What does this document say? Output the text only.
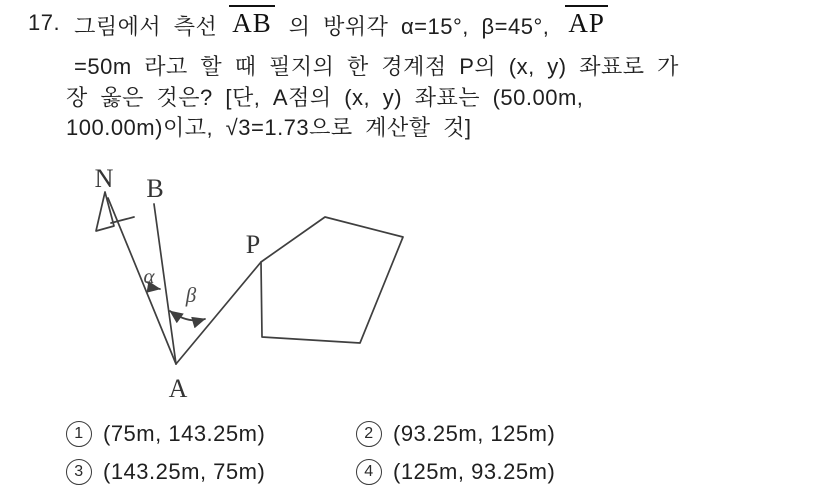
17. 그림에서 측선 AB 의 방위각 α=15°, β=45°, AP
=50m 라고 할 때 필지의 한 경계점 P의 (x, y) 좌표로 가
장 옳은 것은? [단, A점의 (x, y) 좌표는 (50.00m,
100.00m)이고, √3=1.73으로 계산할 것]
N B
P
A
α
β
1 (75m, 143.25m)	2 (93.25m, 125m)
3 (143.25m, 75m)	4 (125m, 93.25m)
